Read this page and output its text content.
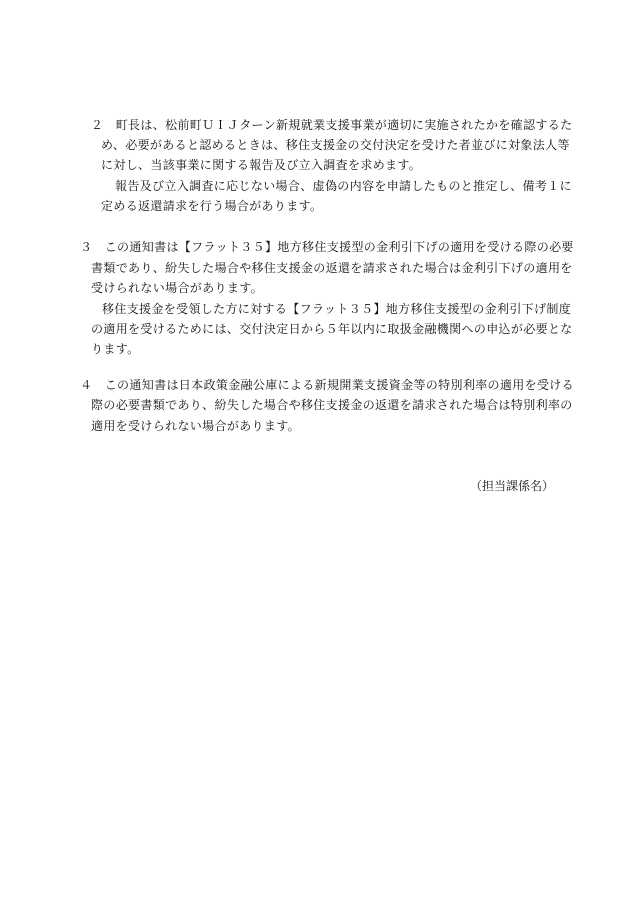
２　町長は、松前町ＵＩＪターン新規就業支援事業が適切に実施されたかを確認するた
め、必要があると認めるときは、移住支援金の交付決定を受けた者並びに対象法人等
に対し、当該事業に関する報告及び立入調査を求めます。
報告及び立入調査に応じない場合、虚偽の内容を申請したものと推定し、備考１に
定める返還請求を行う場合があります。
３　この通知書は【フラット３５】地方移住支援型の金利引下げの適用を受ける際の必要
書類であり、紛失した場合や移住支援金の返還を請求された場合は金利引下げの適用を
受けられない場合があります。
移住支援金を受領した方に対する【フラット３５】地方移住支援型の金利引下げ制度
の適用を受けるためには、交付決定日から５年以内に取扱金融機関への申込が必要とな
ります。
４　この通知書は日本政策金融公庫による新規開業支援資金等の特別利率の適用を受ける
際の必要書類であり、紛失した場合や移住支援金の返還を請求された場合は特別利率の
適用を受けられない場合があります。
（担当課係名）
